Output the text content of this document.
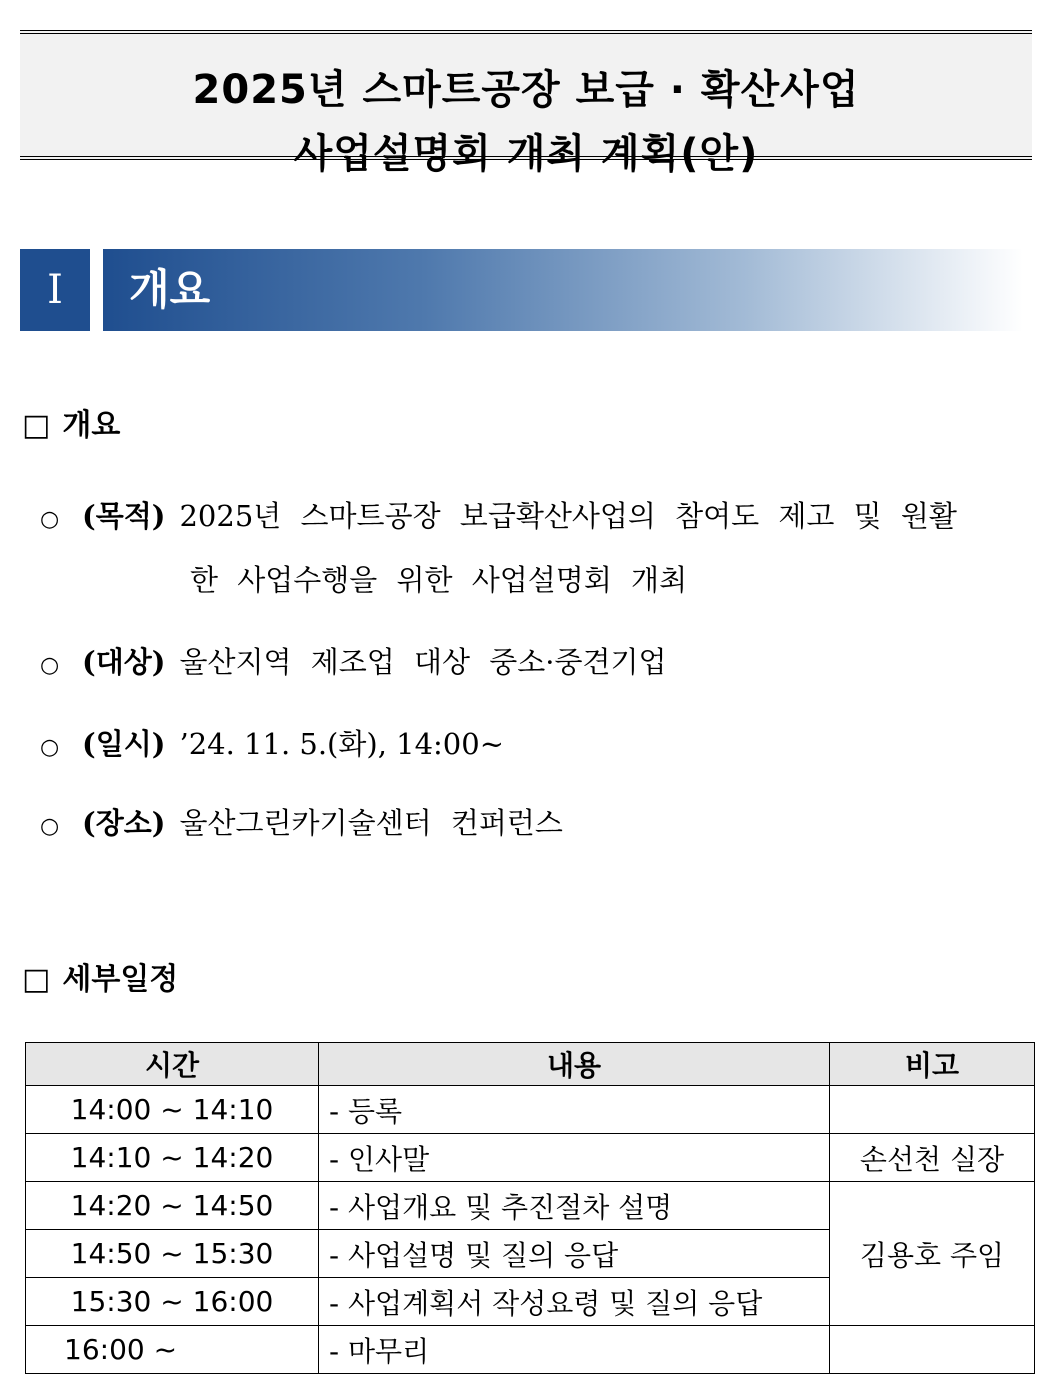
2025년 스마트공장 보급 · 확산사업
사업설명회 개최 계획(안)
Ⅰ	개요
□ 개요
○ (목적) 2025년 스마트공장 보급확산사업의 참여도 제고 및 원활
한 사업수행을 위한 사업설명회 개최
○ (대상) 울산지역 제조업 대상 중소·중견기업
○ (일시) ’24. 11. 5.(화), 14:00~
○ (장소) 울산그린카기술센터 컨퍼런스
□ 세부일정
시간	내용	비고
14:00 ~ 14:10	- 등록	
14:10 ~ 14:20	- 인사말	손선천 실장
14:20 ~ 14:50	- 사업개요 및 추진절차 설명	김용호 주임
14:50 ~ 15:30	- 사업설명 및 질의 응답	
15:30 ~ 16:00	- 사업계획서 작성요령 및 질의 응답	
16:00 ~	- 마무리	
